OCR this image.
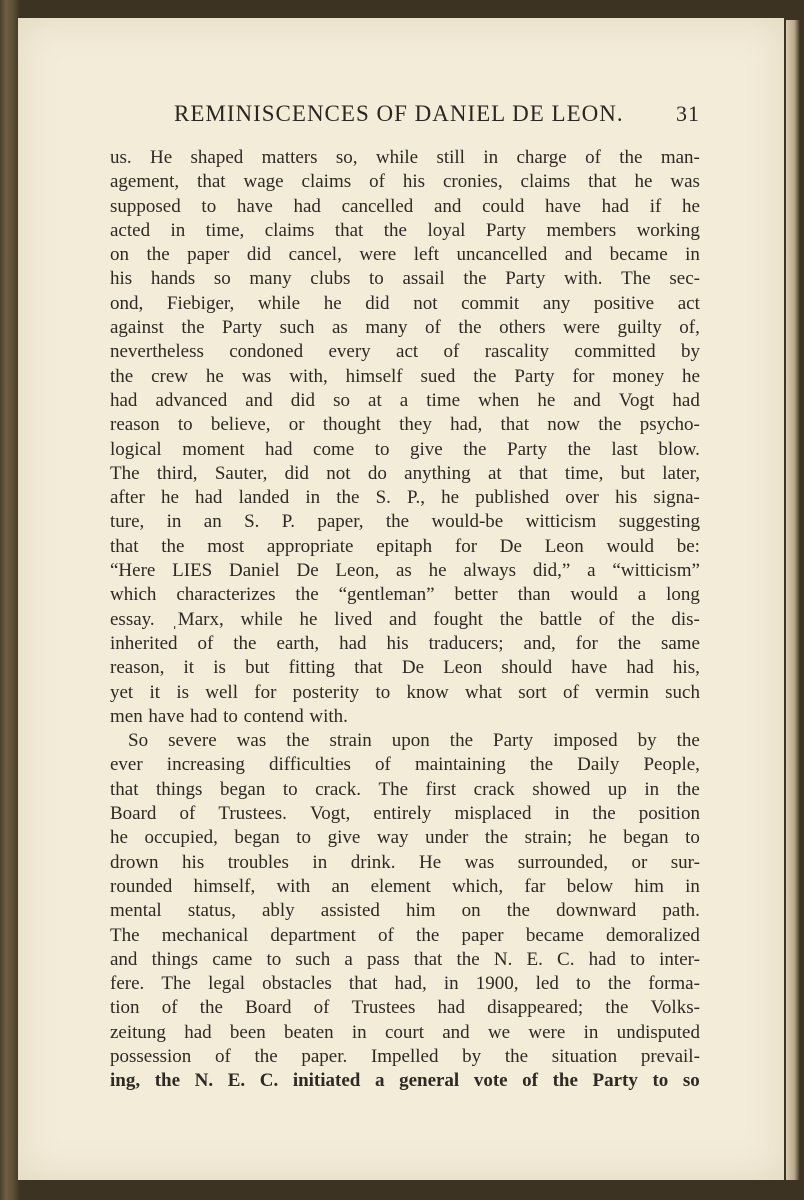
REMINISCENCES OF DANIEL DE LEON. 31
us. He shaped matters so, while still in charge of the man-
agement, that wage claims of his cronies, claims that he was
supposed to have had cancelled and could have had if he
acted in time, claims that the loyal Party members working
on the paper did cancel, were left uncancelled and became in
his hands so many clubs to assail the Party with. The sec-
ond, Fiebiger, while he did not commit any positive act
against the Party such as many of the others were guilty of,
nevertheless condoned every act of rascality committed by
the crew he was with, himself sued the Party for money he
had advanced and did so at a time when he and Vogt had
reason to believe, or thought they had, that now the psycho-
logical moment had come to give the Party the last blow.
The third, Sauter, did not do anything at that time, but later,
after he had landed in the S. P., he published over his signa-
ture, in an S. P. paper, the would-be witticism suggesting
that the most appropriate epitaph for De Leon would be:
“Here LIES Daniel De Leon, as he always did,” a “witticism”
which characterizes the “gentleman” better than would a long
essay. ˌMarx, while he lived and fought the battle of the dis-
inherited of the earth, had his traducers; and, for the same
reason, it is but fitting that De Leon should have had his,
yet it is well for posterity to know what sort of vermin such
men have had to contend with.
So severe was the strain upon the Party imposed by the
ever increasing difficulties of maintaining the Daily People,
that things began to crack. The first crack showed up in the
Board of Trustees. Vogt, entirely misplaced in the position
he occupied, began to give way under the strain; he began to
drown his troubles in drink. He was surrounded, or sur-
rounded himself, with an element which, far below him in
mental status, ably assisted him on the downward path.
The mechanical department of the paper became demoralized
and things came to such a pass that the N. E. C. had to inter-
fere. The legal obstacles that had, in 1900, led to the forma-
tion of the Board of Trustees had disappeared; the Volks-
zeitung had been beaten in court and we were in undisputed
possession of the paper. Impelled by the situation prevail-
ing, the N. E. C. initiated a general vote of the Party to so
